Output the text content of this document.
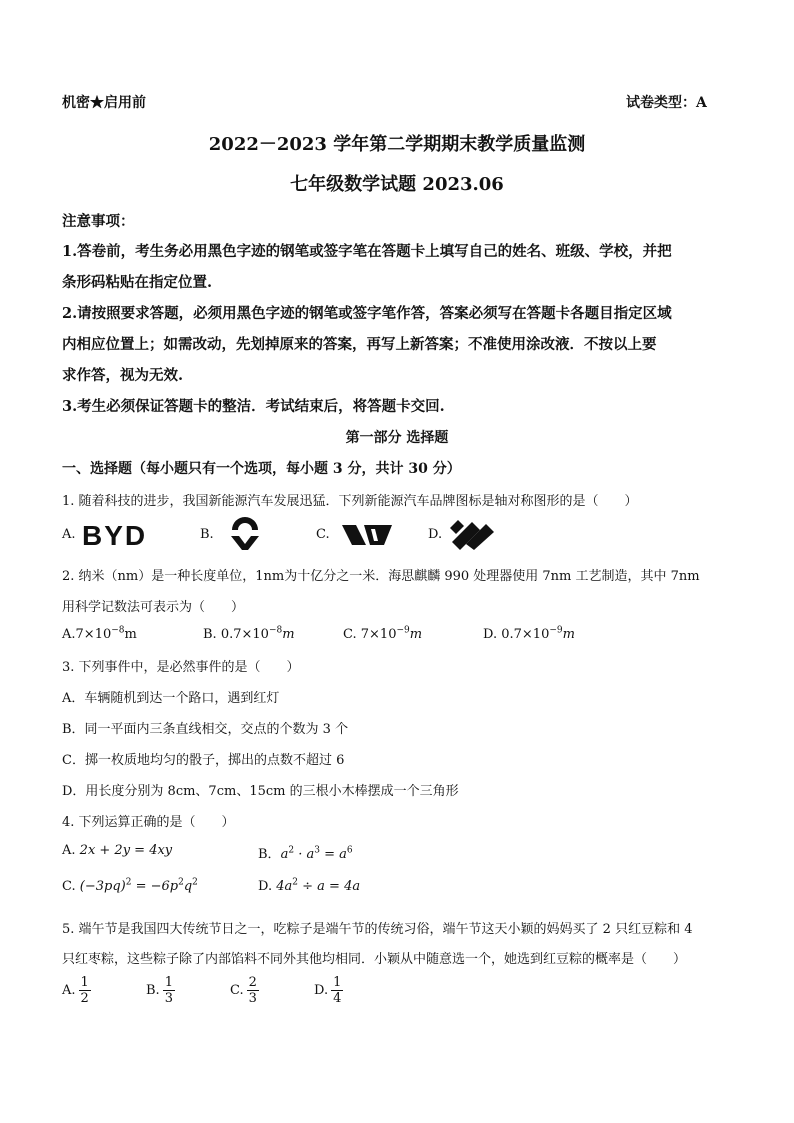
机密★启用前	试卷类型：A
2022－2023 学年第二学期期末教学质量监测
七年级数学试题 2023.06
注意事项：
1.答卷前，考生务必用黑色字迹的钢笔或签字笔在答题卡上填写自己的姓名、班级、学校，并把
条形码粘贴在指定位置.
2.请按照要求答题，必须用黑色字迹的钢笔或签字笔作答，答案必须写在答题卡各题目指定区域
内相应位置上；如需改动，先划掉原来的答案，再写上新答案；不准使用涂改液．不按以上要
求作答，视为无效.
3.考生必须保证答题卡的整洁．考试结束后，将答题卡交回.
第一部分 选择题
一、选择题（每小题只有一个选项，每小题 3 分，共计 30 分）
1. 随着科技的进步，我国新能源汽车发展迅猛．下列新能源汽车品牌图标是轴对称图形的是（　　）
A. BYD	B.	C.	D.
2. 纳米（nm）是一种长度单位，1nm为十亿分之一米．海思麒麟 990 处理器使用 7nm 工艺制造，其中 7nm
用科学记数法可表示为（　　）
$A.7\times 10^{-8}m$	B. $0.7\times 10^{-8}m$	C. $7\times 10^{-9}m$	D. $0.7\times 10^{-9}m$
3. 下列事件中，是必然事件的是（　　）
A．车辆随机到达一个路口，遇到红灯
B．同一平面内三条直线相交，交点的个数为 3 个
C．掷一枚质地均匀的骰子，掷出的点数不超过 6
D．用长度分别为 8cm、7cm、15cm 的三根小木棒摆成一个三角形
4. 下列运算正确的是（　　）
A. 2x + 2y = 4xy	B．$a^2 \cdot a^3 = a^6$
C. $(-3pq)^2 = -6p^2q^2$	D. $4a^2 \div a = 4a$
5. 端午节是我国四大传统节日之一，吃粽子是端午节的传统习俗，端午节这天小颖的妈妈买了 2 只红豆粽和 4
只红枣粽，这些粽子除了内部馅料不同外其他均相同．小颖从中随意选一个，她选到红豆粽的概率是（　　）
A. $\frac{1}{2}$	B. $\frac{1}{3}$	C. $\frac{2}{3}$	D. $\frac{1}{4}$
